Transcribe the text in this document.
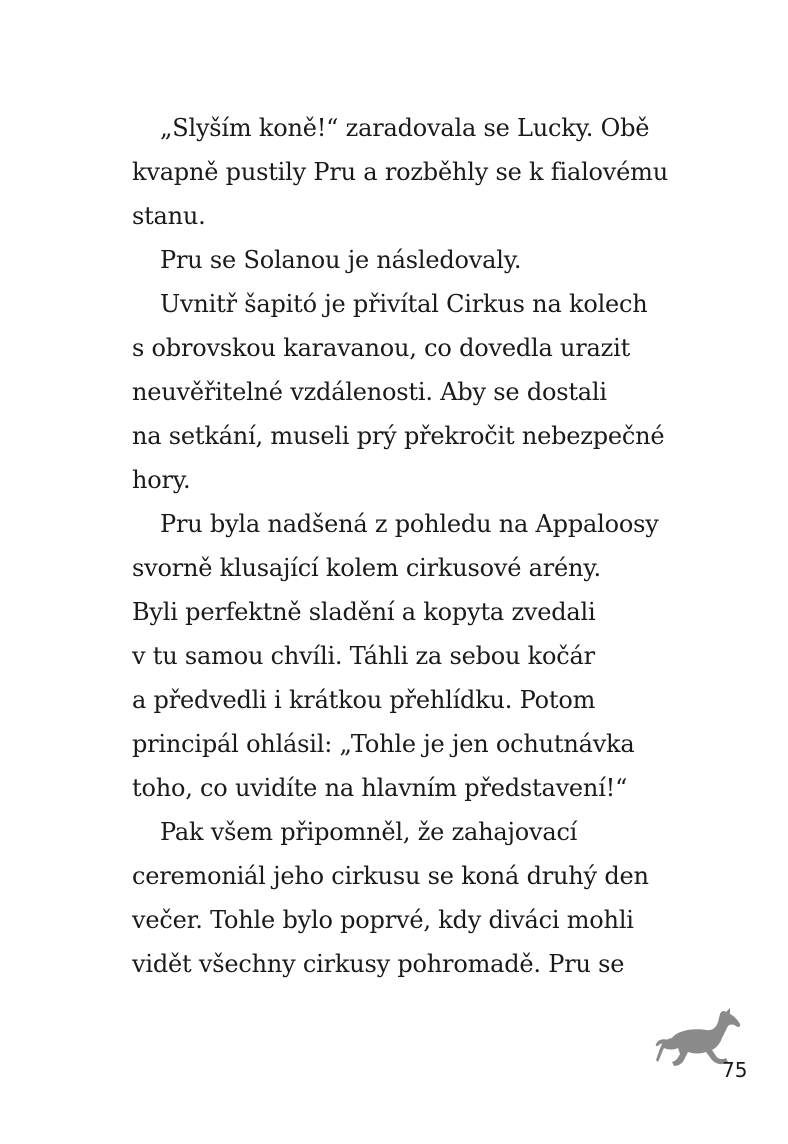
„Slyším koně!“ zaradovala se Lucky. Obě
kvapně pustily Pru a rozběhly se k fialovému
stanu.
Pru se Solanou je následovaly.
Uvnitř šapitó je přivítal Cirkus na kolech
s obrovskou karavanou, co dovedla urazit
neuvěřitelné vzdálenosti. Aby se dostali
na setkání, museli prý překročit nebezpečné
hory.
Pru byla nadšená z pohledu na Appaloosy
svorně klusající kolem cirkusové arény.
Byli perfektně sladění a kopyta zvedali
v tu samou chvíli. Táhli za sebou kočár
a předvedli i krátkou přehlídku. Potom
principál ohlásil: „Tohle je jen ochutnávka
toho, co uvidíte na hlavním představení!“
Pak všem připomněl, že zahajovací
ceremoniál jeho cirkusu se koná druhý den
večer. Tohle bylo poprvé, kdy diváci mohli
vidět všechny cirkusy pohromadě. Pru se
75
